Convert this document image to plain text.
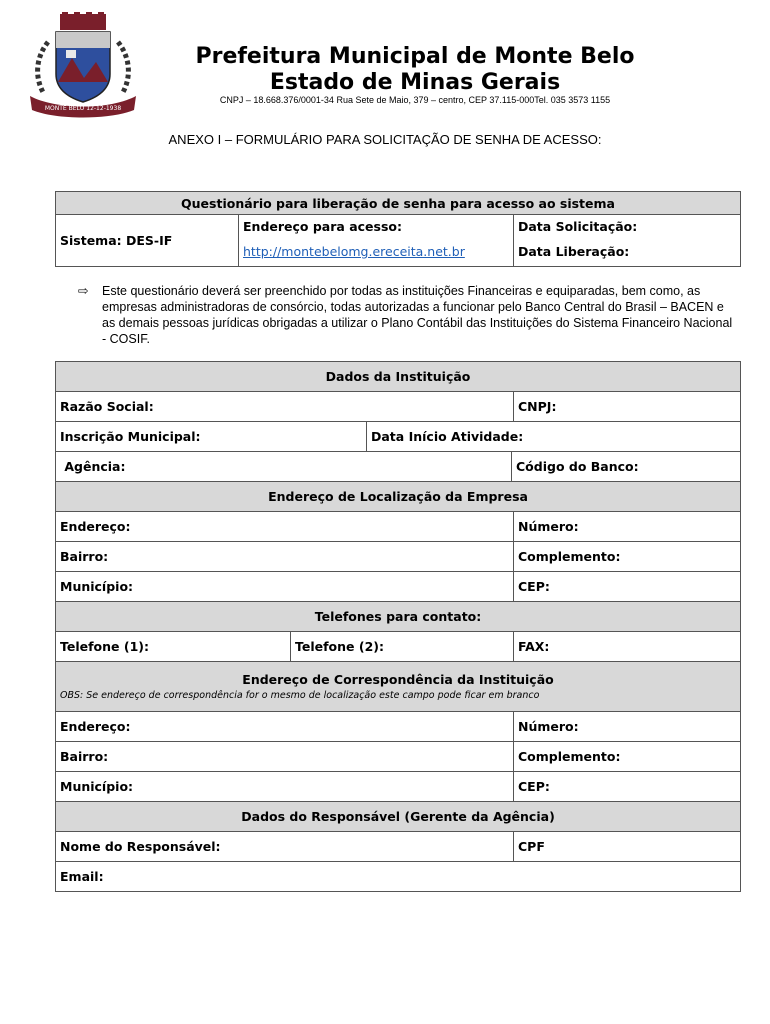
MONTE BELO 12-12-1938
Prefeitura Municipal de Monte Belo
Estado de Minas Gerais
CNPJ – 18.668.376/0001-34 Rua Sete de Maio, 379 – centro, CEP 37.115-000Tel. 035 3573 1155
ANEXO I – FORMULÁRIO PARA SOLICITAÇÃO DE SENHA DE ACESSO:
Questionário para liberação de senha para acesso ao sistema		
Sistema: DES-IF	Endereço para acesso:	Data Solicitação:
	http://montebelomg.ereceita.net.br	Data Liberação:
⇨	Este questionário deverá ser preenchido por todas as instituições Financeiras e equiparadas, bem como, as empresas administradoras de consórcio, todas autorizadas a funcionar pelo Banco Central do Brasil – BACEN e as demais pessoas jurídicas obrigadas a utilizar o Plano Contábil das Instituições do Sistema Financeiro Nacional - COSIF.
Dados da Instituição				
Razão Social:				CNPJ:
Inscrição Municipal:		Data Início Atividade:		
Agência:			Código do Banco:	
Endereço de Localização da Empresa				
Endereço:				Número:
Bairro:				Complemento:
Município:				CEP:
Telefones para contato:				
Telefone (1):	Telefone (2):			FAX:
Endereço de Correspondência da Instituição
OBS: Se endereço de correspondência for o mesmo de localização este campo pode ficar em branco				

Endereço:				Número:
Bairro:				Complemento:
Município:				CEP:
Dados do Responsável (Gerente da Agência)				
Nome do Responsável:				CPF
Email:				
